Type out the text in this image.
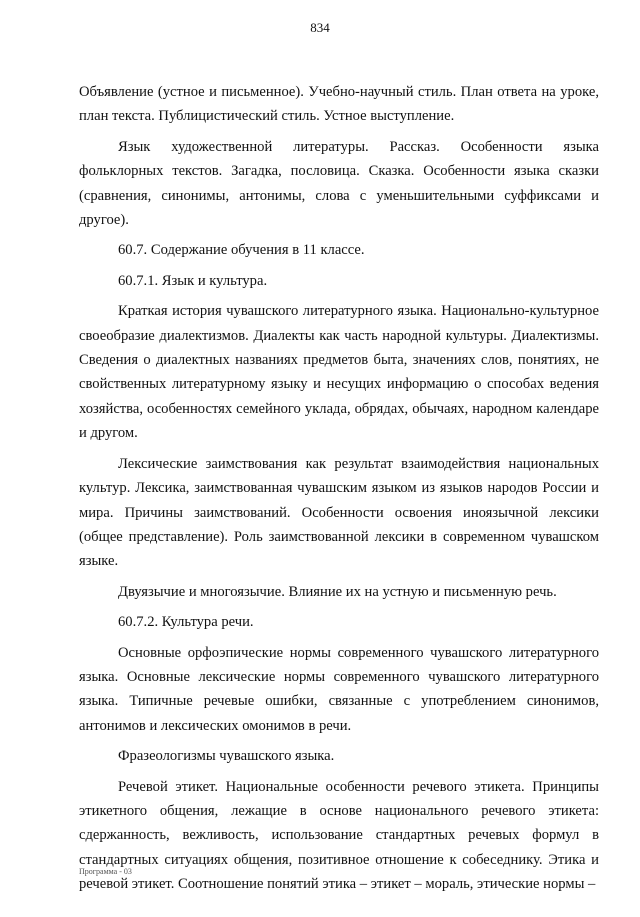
834

Объявление (устное и письменное). Учебно-научный стиль. План ответа на уроке, план текста. Публицистический стиль. Устное выступление.

Язык художественной литературы. Рассказ. Особенности языка фольклорных текстов. Загадка, пословица. Сказка. Особенности языка сказки (сравнения, синонимы, антонимы, слова с уменьшительными суффиксами и другое).

60.7. Содержание обучения в 11 классе.

60.7.1. Язык и культура.

Краткая история чувашского литературного языка. Национально-культурное своеобразие диалектизмов. Диалекты как часть народной культуры. Диалектизмы. Сведения о диалектных названиях предметов быта, значениях слов, понятиях, не свойственных литературному языку и несущих информацию о способах ведения хозяйства, особенностях семейного уклада, обрядах, обычаях, народном календаре и другом.

Лексические заимствования как результат взаимодействия национальных культур. Лексика, заимствованная чувашским языком из языков народов России и мира. Причины заимствований. Особенности освоения иноязычной лексики (общее представление). Роль заимствованной лексики в современном чувашском языке.

Двуязычие и многоязычие. Влияние их на устную и письменную речь.

60.7.2. Культура речи.

Основные орфоэпические нормы современного чувашского литературного языка. Основные лексические нормы современного чувашского литературного языка. Типичные речевые ошибки, связанные с употреблением синонимов, антонимов и лексических омонимов в речи.

Фразеологизмы чувашского языка.

Речевой этикет. Национальные особенности речевого этикета. Принципы этикетного общения, лежащие в основе национального речевого этикета: сдержанность, вежливость, использование стандартных речевых формул в стандартных ситуациях общения, позитивное отношение к собеседнику. Этика и речевой этикет. Соотношение понятий этика – этикет – мораль, этические нормы –

Программа - 03
